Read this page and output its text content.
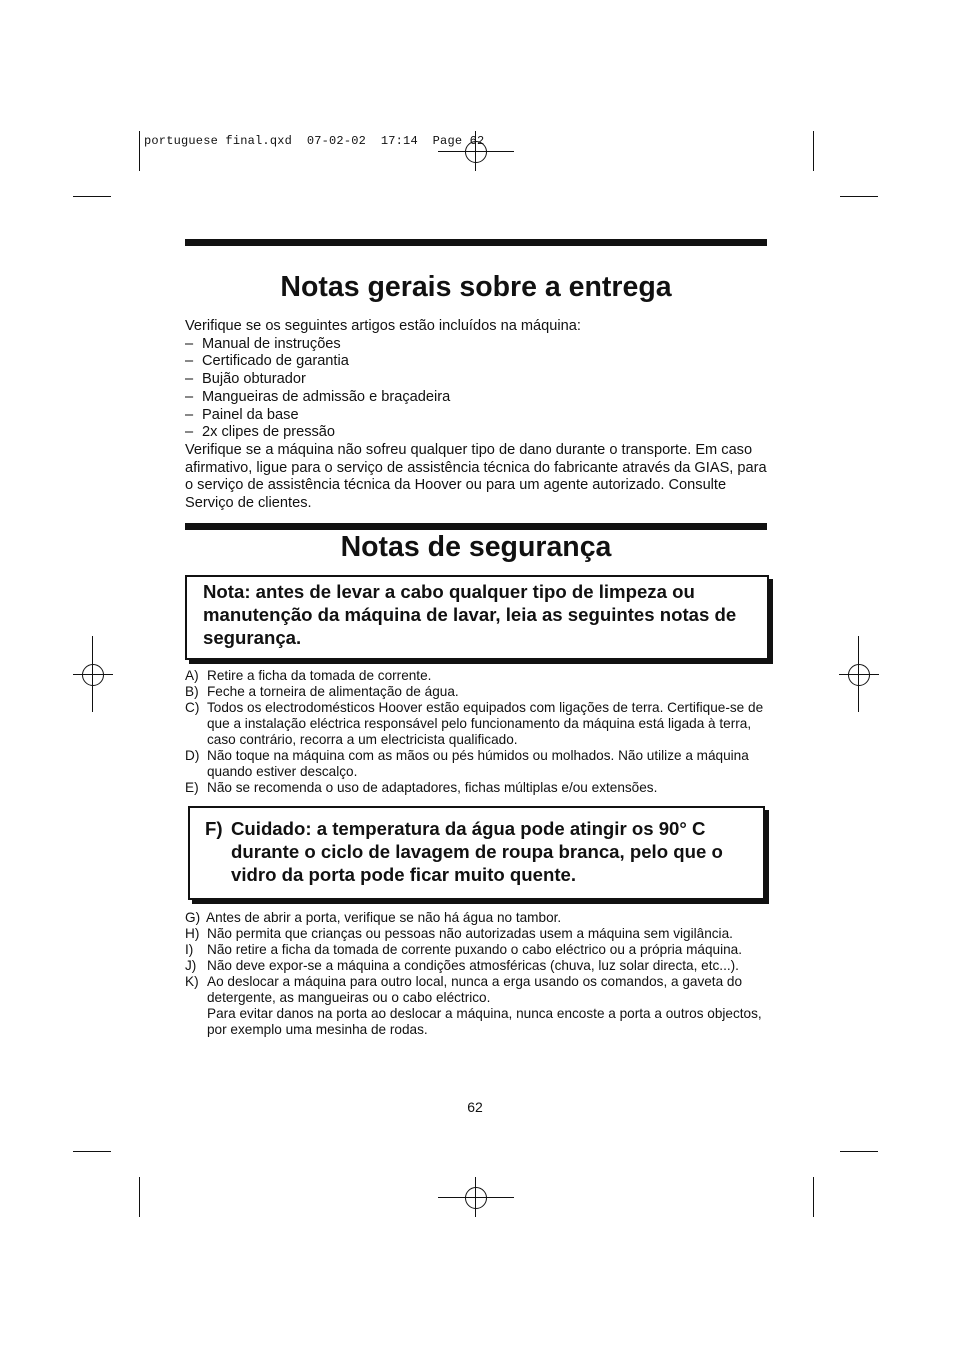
portuguese final.qxd  07-02-02  17:14  Page 62
Notas gerais sobre a entrega

Verifique se os seguintes artigos estão incluídos na máquina:

– Manual de instruções
– Certificado de garantia
– Bujão obturador
– Mangueiras de admissão e braçadeira
– Painel da base
– 2x clipes de pressão

Verifique se a máquina não sofreu qualquer tipo de dano durante o transporte. Em caso afirmativo, ligue para o serviço de assistência técnica do fabricante através da GIAS, para o serviço de assistência técnica da Hoover ou para um agente autorizado. Consulte Serviço de clientes.

Notas de segurança
Nota: antes de levar a cabo qualquer tipo de limpeza ou manutenção da máquina de lavar, leia as seguintes notas de segurança.
A) Retire a ficha da tomada de corrente.
B) Feche a torneira de alimentação de água.
C) Todos os electrodomésticos Hoover estão equipados com ligações de terra. Certifique-se de que a instalação eléctrica responsável pelo funcionamento da máquina está ligada à terra, caso contrário, recorra a um electricista qualificado.
D) Não toque na máquina com as mãos ou pés húmidos ou molhados. Não utilize a máquina quando estiver descalço.
E) Não se recomenda o uso de adaptadores, fichas múltiplas e/ou extensões.
F) Cuidado: a temperatura da água pode atingir os 90° C durante o ciclo de lavagem de roupa branca, pelo que o vidro da porta pode ficar muito quente.
G) Antes de abrir a porta, verifique se não há água no tambor.
H) Não permita que crianças ou pessoas não autorizadas usem a máquina sem vigilância.
I)	Não retire a ficha da tomada de corrente puxando o cabo eléctrico ou a própria máquina.
J) Não deve expor-se a máquina a condições atmosféricas (chuva, luz solar directa, etc...).
K) Ao deslocar a máquina para outro local, nunca a erga usando os comandos, a gaveta do detergente, as mangueiras ou o cabo eléctrico.
Para evitar danos na porta ao deslocar a máquina, nunca encoste a porta a outros objectos, por exemplo uma mesinha de rodas.
62
